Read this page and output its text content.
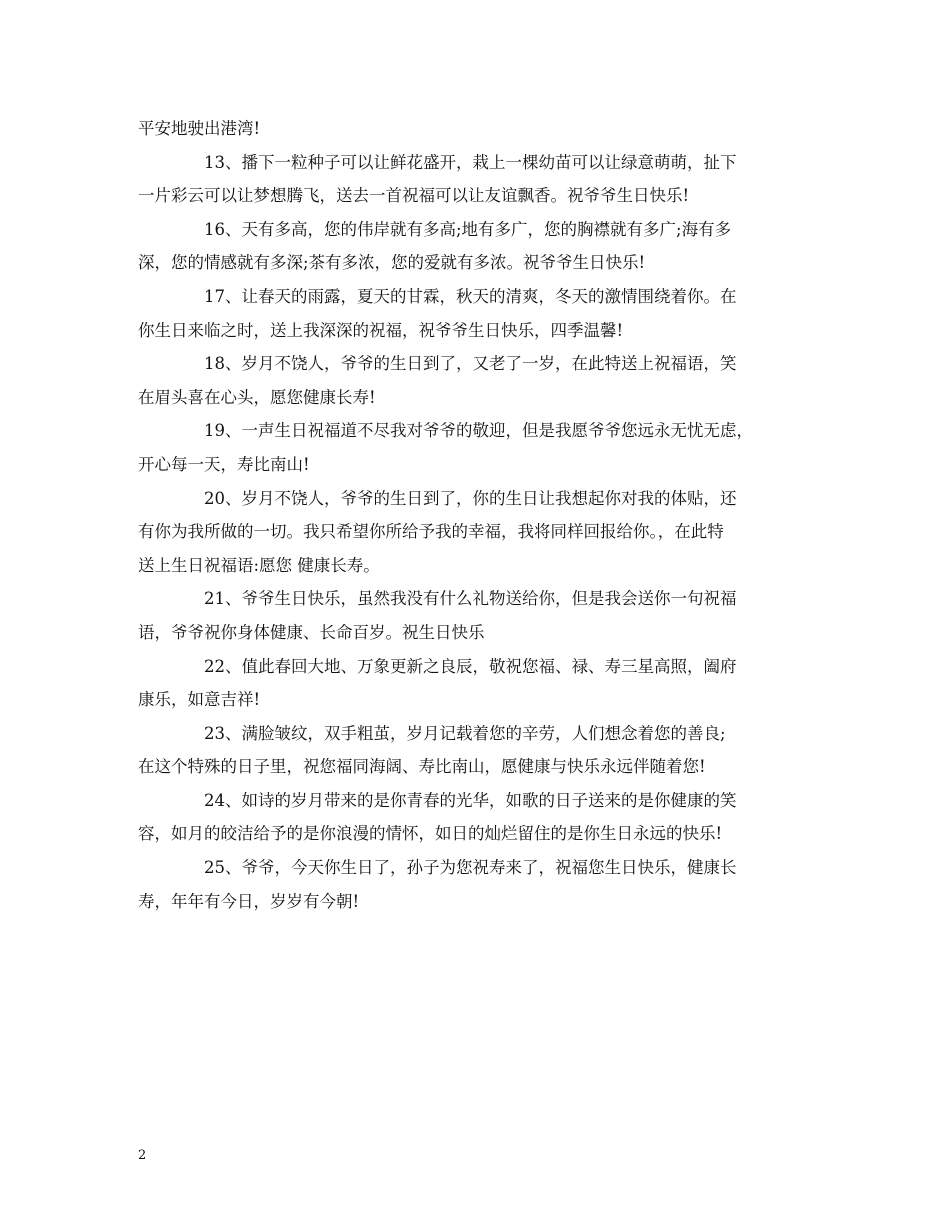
平安地驶出港湾!
13、播下一粒种子可以让鲜花盛开，栽上一棵幼苗可以让绿意萌萌，扯下
一片彩云可以让梦想腾飞，送去一首祝福可以让友谊飘香。祝爷爷生日快乐!
16、天有多高，您的伟岸就有多高;地有多广，您的胸襟就有多广;海有多
深，您的情感就有多深;茶有多浓，您的爱就有多浓。祝爷爷生日快乐!
17、让春天的雨露，夏天的甘霖，秋天的清爽，冬天的激情围绕着你。在
你生日来临之时，送上我深深的祝福，祝爷爷生日快乐，四季温馨!
18、岁月不饶人，爷爷的生日到了，又老了一岁，在此特送上祝福语，笑
在眉头喜在心头，愿您健康长寿!
19、一声生日祝福道不尽我对爷爷的敬迎，但是我愿爷爷您远永无忧无虑，
开心每一天，寿比南山!
20、岁月不饶人，爷爷的生日到了，你的生日让我想起你对我的体贴，还
有你为我所做的一切。我只希望你所给予我的幸福，我将同样回报给你。，在此特
送上生日祝福语:愿您 健康长寿。
21、爷爷生日快乐，虽然我没有什么礼物送给你，但是我会送你一句祝福
语，爷爷祝你身体健康、长命百岁。祝生日快乐
22、值此春回大地、万象更新之良辰，敬祝您福、禄、寿三星高照，阖府
康乐，如意吉祥!
23、满脸皱纹，双手粗茧，岁月记载着您的辛劳，人们想念着您的善良;
在这个特殊的日子里，祝您福同海阔、寿比南山，愿健康与快乐永远伴随着您!
24、如诗的岁月带来的是你青春的光华，如歌的日子送来的是你健康的笑
容，如月的皎洁给予的是你浪漫的情怀，如日的灿烂留住的是你生日永远的快乐!
25、爷爷，今天你生日了，孙子为您祝寿来了，祝福您生日快乐，健康长
寿，年年有今日，岁岁有今朝!
2
